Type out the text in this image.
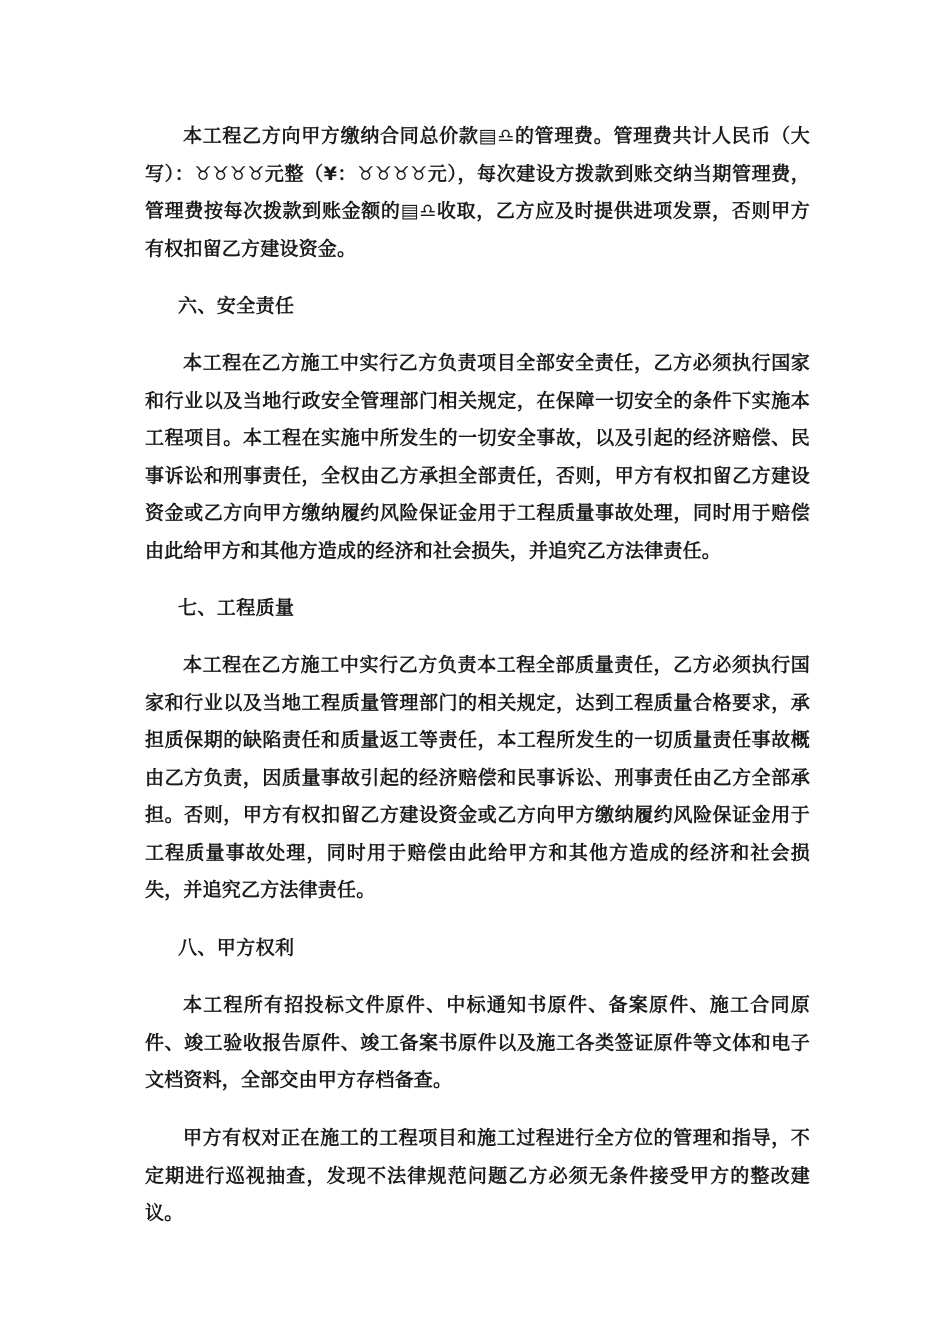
本工程乙方向甲方缴纳合同总价款▤♎的管理费。管理费共计人民币（大写）：♉♉♉♉元整（¥：♉♉♉♉元），每次建设方拨款到账交纳当期管理费，管理费按每次拨款到账金额的▤♎收取，乙方应及时提供进项发票，否则甲方有权扣留乙方建设资金。

六、安全责任

本工程在乙方施工中实行乙方负责项目全部安全责任，乙方必须执行国家和行业以及当地行政安全管理部门相关规定，在保障一切安全的条件下实施本工程项目。本工程在实施中所发生的一切安全事故，以及引起的经济赔偿、民事诉讼和刑事责任，全权由乙方承担全部责任，否则，甲方有权扣留乙方建设资金或乙方向甲方缴纳履约风险保证金用于工程质量事故处理，同时用于赔偿由此给甲方和其他方造成的经济和社会损失，并追究乙方法律责任。

七、工程质量

本工程在乙方施工中实行乙方负责本工程全部质量责任，乙方必须执行国家和行业以及当地工程质量管理部门的相关规定，达到工程质量合格要求，承担质保期的缺陷责任和质量返工等责任，本工程所发生的一切质量责任事故概由乙方负责，因质量事故引起的经济赔偿和民事诉讼、刑事责任由乙方全部承担。否则，甲方有权扣留乙方建设资金或乙方向甲方缴纳履约风险保证金用于工程质量事故处理，同时用于赔偿由此给甲方和其他方造成的经济和社会损失，并追究乙方法律责任。

八、甲方权利

本工程所有招投标文件原件、中标通知书原件、备案原件、施工合同原件、竣工验收报告原件、竣工备案书原件以及施工各类签证原件等文体和电子文档资料，全部交由甲方存档备查。

甲方有权对正在施工的工程项目和施工过程进行全方位的管理和指导，不定期进行巡视抽查，发现不法律规范问题乙方必须无条件接受甲方的整改建议。
